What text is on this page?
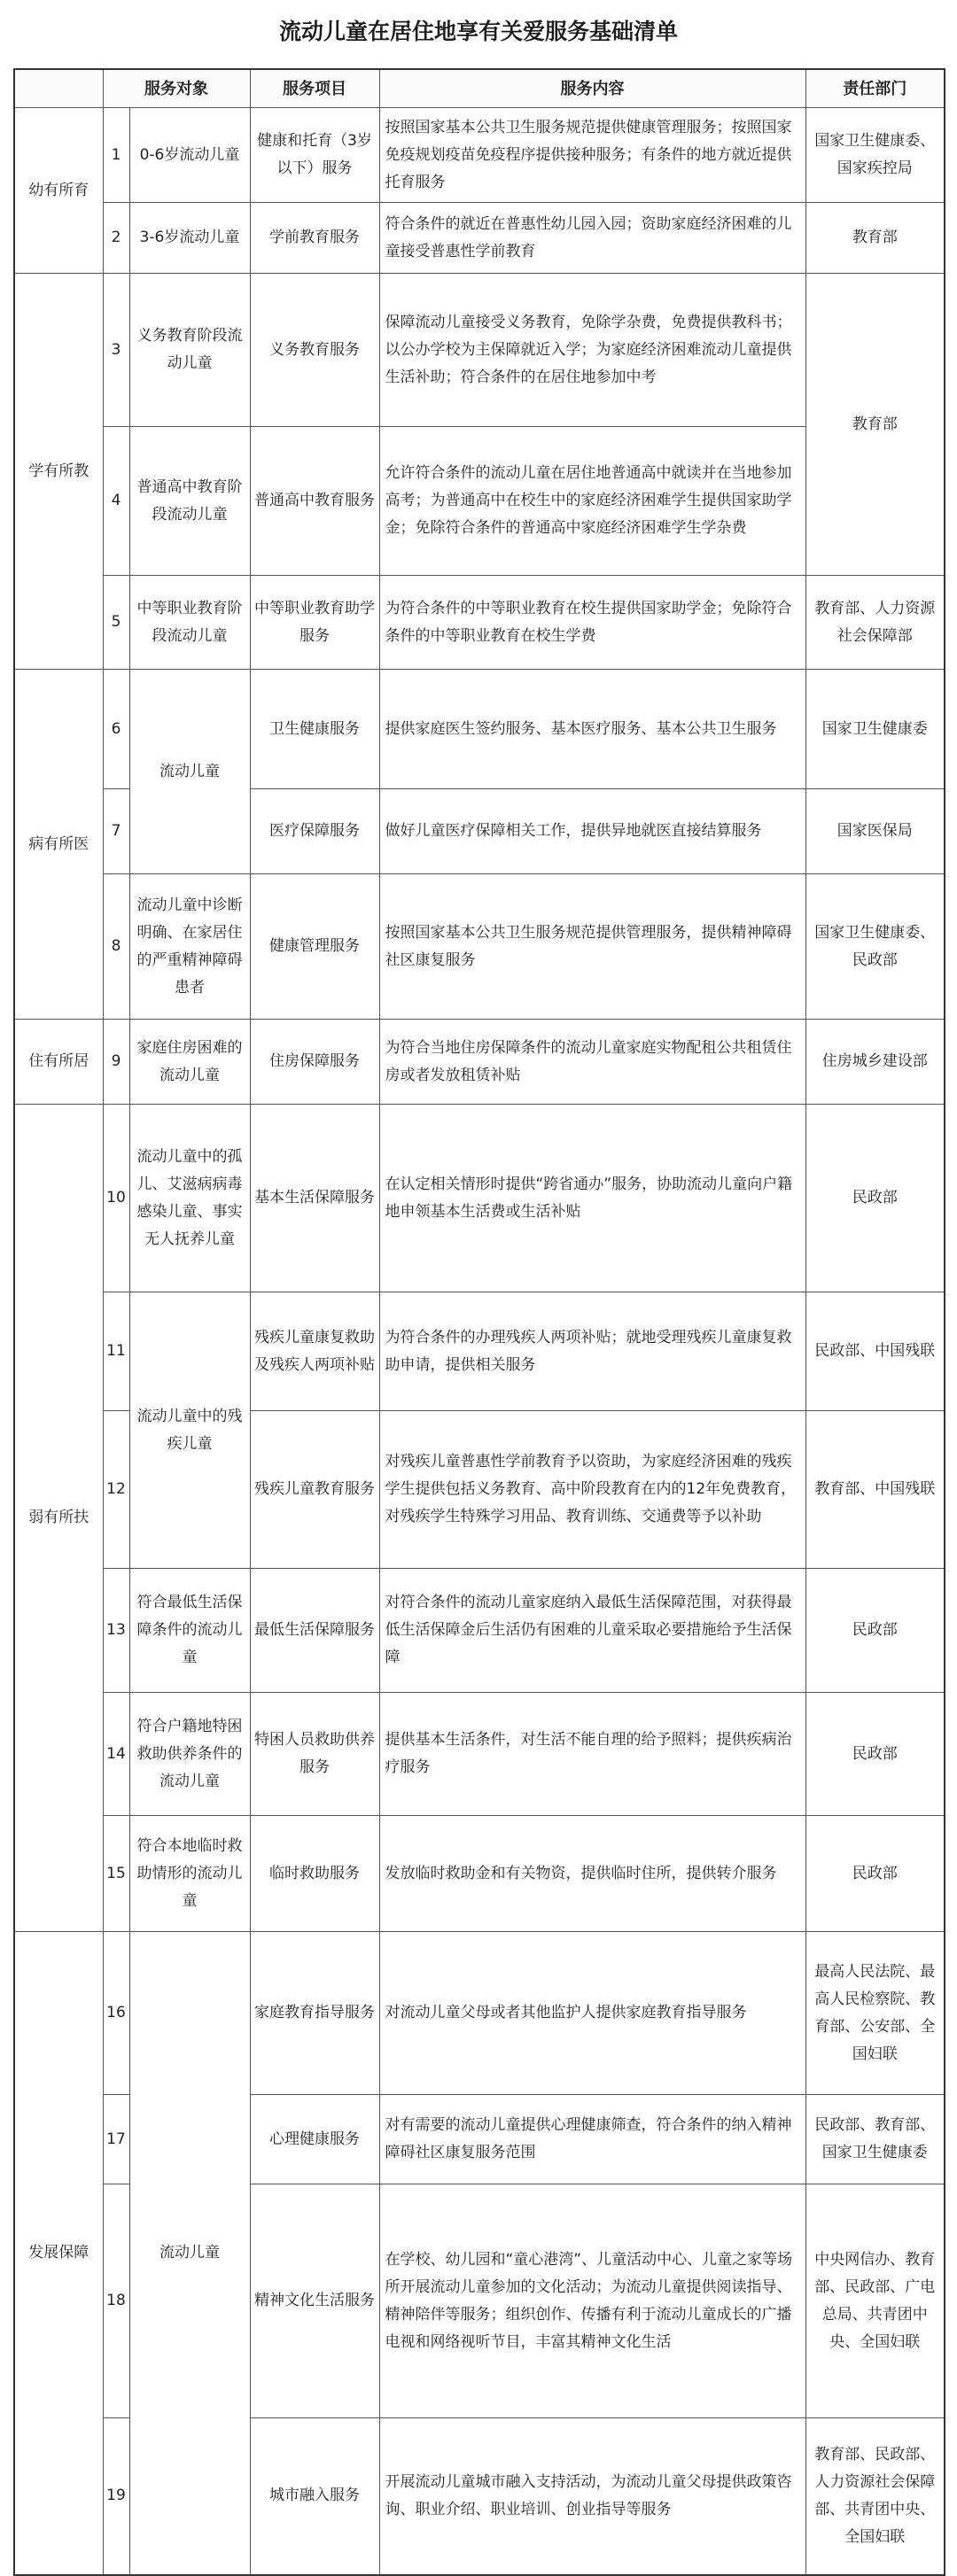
流动儿童在居住地享有关爱服务基础清单
	服务对象		服务项目	服务内容	责任部门
幼有所育	1	0-6岁流动儿童	健康和托育（3岁以下）服务	按照国家基本公共卫生服务规范提供健康管理服务；按照国家免疫规划疫苗免疫程序提供接种服务；有条件的地方就近提供托育服务	国家卫生健康委、国家疾控局
	2	3-6岁流动儿童	学前教育服务	符合条件的就近在普惠性幼儿园入园；资助家庭经济困难的儿童接受普惠性学前教育	教育部
学有所教	3	义务教育阶段流动儿童	义务教育服务	保障流动儿童接受义务教育，免除学杂费，免费提供教科书；以公办学校为主保障就近入学；为家庭经济困难流动儿童提供生活补助；符合条件的在居住地参加中考	教育部
	4	普通高中教育阶段流动儿童	普通高中教育服务	允许符合条件的流动儿童在居住地普通高中就读并在当地参加高考；为普通高中在校生中的家庭经济困难学生提供国家助学金；免除符合条件的普通高中家庭经济困难学生学杂费	
	5	中等职业教育阶段流动儿童	中等职业教育助学服务	为符合条件的中等职业教育在校生提供国家助学金；免除符合条件的中等职业教育在校生学费	教育部、人力资源社会保障部
病有所医	6	流动儿童	卫生健康服务	提供家庭医生签约服务、基本医疗服务、基本公共卫生服务	国家卫生健康委
	7		医疗保障服务	做好儿童医疗保障相关工作，提供异地就医直接结算服务	国家医保局
	8	流动儿童中诊断明确、在家居住的严重精神障碍患者	健康管理服务	按照国家基本公共卫生服务规范提供管理服务，提供精神障碍社区康复服务	国家卫生健康委、民政部
住有所居	9	家庭住房困难的流动儿童	住房保障服务	为符合当地住房保障条件的流动儿童家庭实物配租公共租赁住房或者发放租赁补贴	住房城乡建设部
弱有所扶	10	流动儿童中的孤儿、艾滋病病毒感染儿童、事实无人抚养儿童	基本生活保障服务	在认定相关情形时提供“跨省通办”服务，协助流动儿童向户籍地申领基本生活费或生活补贴	民政部
	11	流动儿童中的残疾儿童	残疾儿童康复救助及残疾人两项补贴	为符合条件的办理残疾人两项补贴；就地受理残疾儿童康复救助申请，提供相关服务	民政部、中国残联
	12		残疾儿童教育服务	对残疾儿童普惠性学前教育予以资助，为家庭经济困难的残疾学生提供包括义务教育、高中阶段教育在内的12年免费教育，对残疾学生特殊学习用品、教育训练、交通费等予以补助	教育部、中国残联
	13	符合最低生活保障条件的流动儿童	最低生活保障服务	对符合条件的流动儿童家庭纳入最低生活保障范围，对获得最低生活保障金后生活仍有困难的儿童采取必要措施给予生活保障	民政部
	14	符合户籍地特困救助供养条件的流动儿童	特困人员救助供养服务	提供基本生活条件，对生活不能自理的给予照料；提供疾病治疗服务	民政部
	15	符合本地临时救助情形的流动儿童	临时救助服务	发放临时救助金和有关物资，提供临时住所，提供转介服务	民政部
发展保障	16	流动儿童	家庭教育指导服务	对流动儿童父母或者其他监护人提供家庭教育指导服务	最高人民法院、最高人民检察院、教育部、公安部、全国妇联
	17		心理健康服务	对有需要的流动儿童提供心理健康筛查，符合条件的纳入精神障碍社区康复服务范围	民政部、教育部、国家卫生健康委
	18		精神文化生活服务	在学校、幼儿园和“童心港湾”、儿童活动中心、儿童之家等场所开展流动儿童参加的文化活动；为流动儿童提供阅读指导、精神陪伴等服务；组织创作、传播有利于流动儿童成长的广播电视和网络视听节目，丰富其精神文化生活	中央网信办、教育部、民政部、广电总局、共青团中央、全国妇联
	19		城市融入服务	开展流动儿童城市融入支持活动，为流动儿童父母提供政策咨询、职业介绍、职业培训、创业指导等服务	教育部、民政部、人力资源社会保障部、共青团中央、全国妇联
